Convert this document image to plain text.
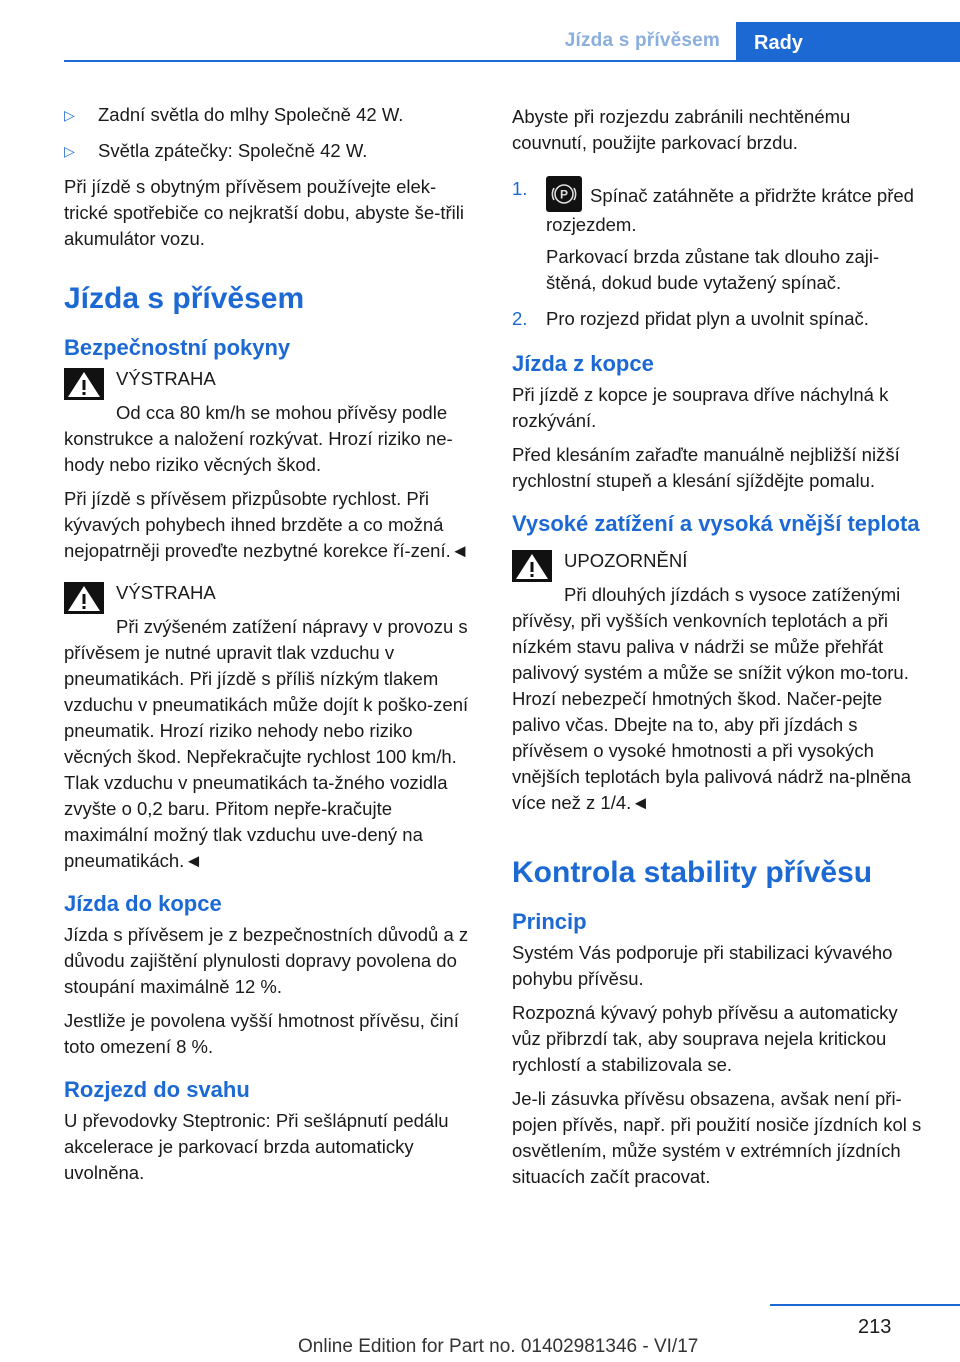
Jízda s přívěsem	Rady
▷ Zadní světla do mlhy Společně 42 W.
▷ Světla zpátečky: Společně 42 W.

Při jízdě s obytným přívěsem používejte elek-trické spotřebiče co nejkratší dobu, abyste še-třili akumulátor vozu.

Jízda s přívěsem
Bezpečnostní pokyny
VÝSTRAHA

Od cca 80 km/h se mohou přívěsy podle konstrukce a naložení rozkývat. Hrozí riziko ne-hody nebo riziko věcných škod.

Při jízdě s přívěsem přizpůsobte rychlost. Při kývavých pohybech ihned brzděte a co možná nejopatrněji proveďte nezbytné korekce ří-zení.◄

VÝSTRAHA

Při zvýšeném zatížení nápravy v provozu s přívěsem je nutné upravit tlak vzduchu v pneumatikách. Při jízdě s příliš nízkým tlakem vzduchu v pneumatikách může dojít k poško-zení pneumatik. Hrozí riziko nehody nebo riziko věcných škod. Nepřekračujte rychlost 100 km/h. Tlak vzduchu v pneumatikách ta-žného vozidla zvyšte o 0,2 baru. Přitom nepře-kračujte maximální možný tlak vzduchu uve-dený na pneumatikách.◄

Jízda do kopce

Jízda s přívěsem je z bezpečnostních důvodů a z důvodu zajištění plynulosti dopravy povolena do stoupání maximálně 12 %.

Jestliže je povolena vyšší hmotnost přívěsu, činí toto omezení 8 %.

Rozjezd do svahu

U převodovky Steptronic: Při sešlápnutí pedálu akcelerace je parkovací brzda automaticky uvolněna.

Abyste při rozjezdu zabránili nechtěnému couvnutí, použijte parkovací brzdu.

1.	P Spínač zatáhněte a přidržte krátce před rozjezdem.

Parkovací brzda zůstane tak dlouho zaji-štěná, dokud bude vytažený spínač.

2. Pro rozjezd přidat plyn a uvolnit spínač.

Jízda z kopce

Při jízdě z kopce je souprava dříve náchylná k rozkývání.

Před klesáním zařaďte manuálně nejbližší nižší rychlostní stupeň a klesání sjíždějte pomalu.

Vysoké zatížení a vysoká vnější teplota
UPOZORNĚNÍ

Při dlouhých jízdách s vysoce zatíženými přívěsy, při vyšších venkovních teplotách a při nízkém stavu paliva v nádrži se může přehřát palivový systém a může se snížit výkon mo-toru. Hrozí nebezpečí hmotných škod. Načer-pejte palivo včas. Dbejte na to, aby při jízdách s přívěsem o vysoké hmotnosti a při vysokých vnějších teplotách byla palivová nádrž na-plněna více než z 1/4.◄

Kontrola stability přívěsu
Princip

Systém Vás podporuje při stabilizaci kývavého pohybu přívěsu.

Rozpozná kývavý pohyb přívěsu a automaticky vůz přibrzdí tak, aby souprava nejela kritickou rychlostí a stabilizovala se.

Je-li zásuvka přívěsu obsazena, avšak není při-pojen přívěs, např. při použití nosiče jízdních kol s osvětlením, může systém v extrémních jízdních situacích začít pracovat.

213
Online Edition for Part no. 01402981346 - VI/17
